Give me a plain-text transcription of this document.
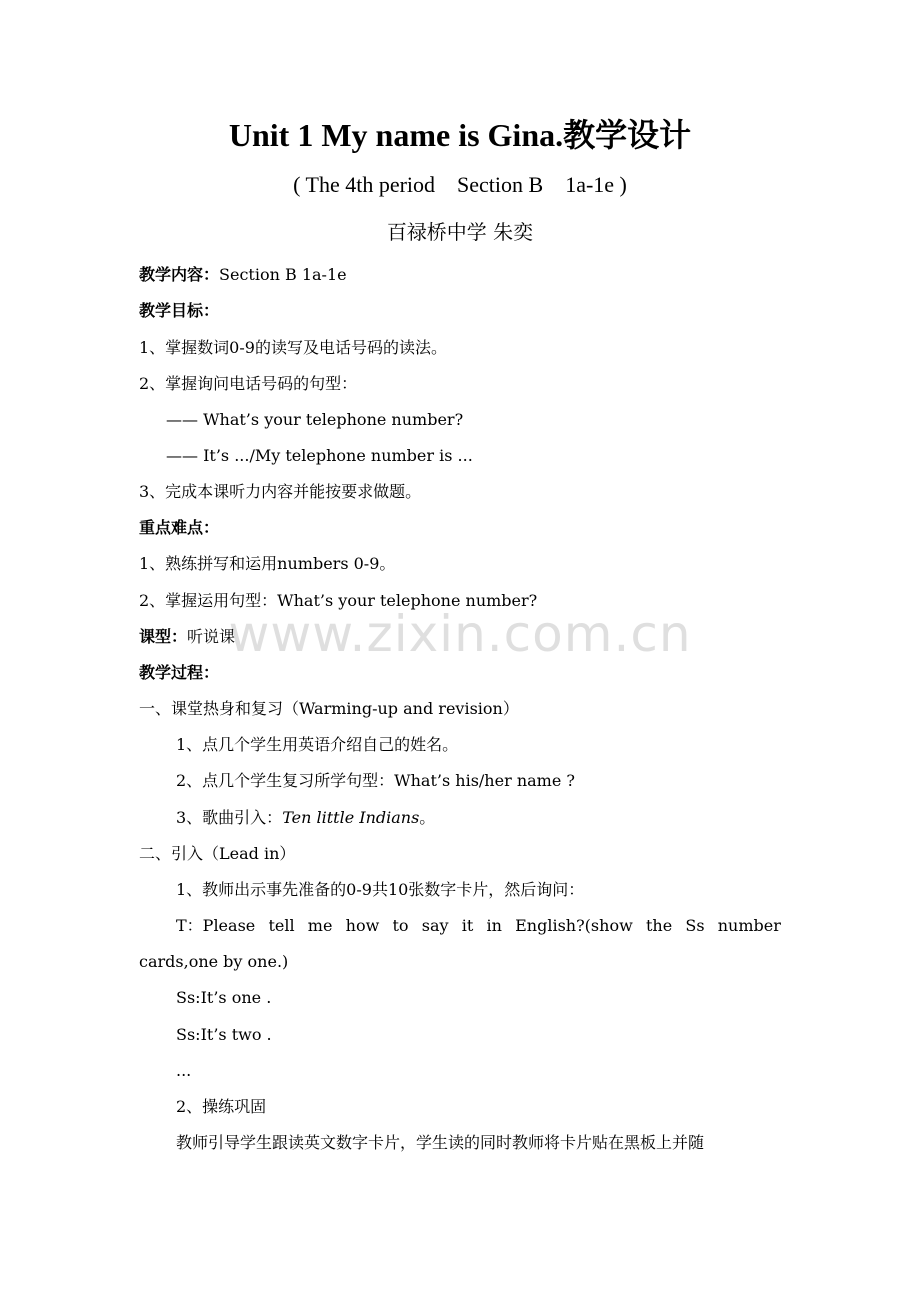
www.zixin.com.cn
Unit 1 My name is Gina.教学设计

( The 4th period    Section B    1a-1e )

百禄桥中学 朱奕

教学内容：Section B 1a-1e

教学目标：

1、掌握数词0-9的读写及电话号码的读法。

2、掌握询问电话号码的句型：

—— What’s your telephone number?

—— It’s .../My telephone number is ...

3、完成本课听力内容并能按要求做题。

重点难点：

1、熟练拼写和运用numbers 0-9。

2、掌握运用句型：What’s your telephone number?

课型：听说课

教学过程：

一、课堂热身和复习（Warming-up and revision）

1、点几个学生用英语介绍自己的姓名。

2、点几个学生复习所学句型：What’s his/her name ?

3、歌曲引入：Ten little Indians。

二、引入（Lead in）

1、教师出示事先准备的0-9共10张数字卡片，然后询问：

T：Please tell me how to say it in English?(show the Ss number

cards,one by one.)

Ss:It’s one .

Ss:It’s two .

...

2、操练巩固

教师引导学生跟读英文数字卡片，学生读的同时教师将卡片贴在黑板上并随
